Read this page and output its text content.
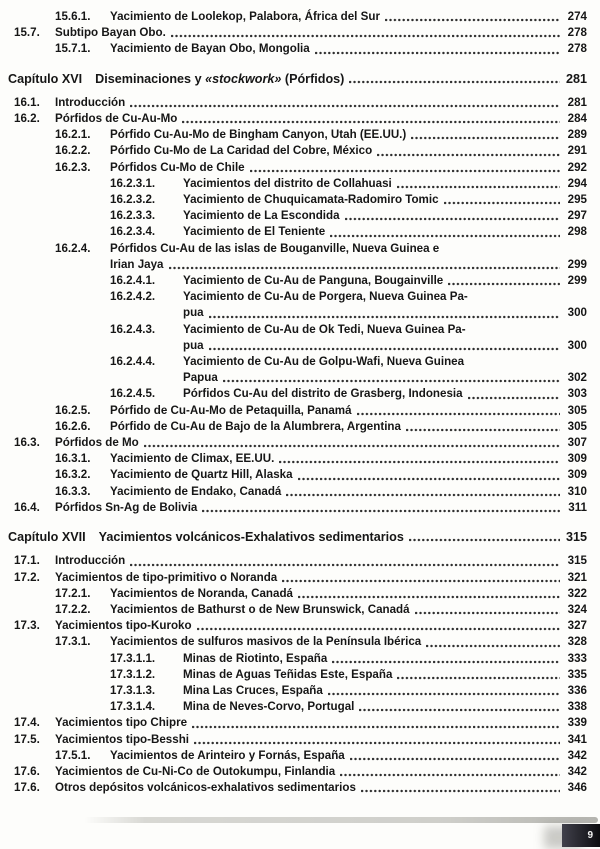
15.6.1. Yacimiento de Loolekop, Palabora, África del Sur	274
15.7. Subtipo Bayan Obo.	278
15.7.1. Yacimiento de Bayan Obo, Mongolia	278
Capítulo XVI Diseminaciones y «stockwork» (Pórfidos)	281
16.1. Introducción	281
16.2. Pórfidos de Cu-Au-Mo	284
16.2.1. Pórfido Cu-Au-Mo de Bingham Canyon, Utah (EE.UU.)	289
16.2.2. Pórfido Cu-Mo de La Caridad del Cobre, México	291
16.2.3. Pórfidos Cu-Mo de Chile	292
16.2.3.1. Yacimientos del distrito de Collahuasi	294
16.2.3.2. Yacimiento de Chuquicamata-Radomiro Tomic	295
16.2.3.3. Yacimiento de La Escondida	297
16.2.3.4. Yacimiento de El Teniente	298
16.2.4. Pórfidos Cu-Au de las islas de Bouganville, Nueva Guinea e
Irian Jaya	299
16.2.4.1. Yacimiento de Cu-Au de Panguna, Bougainville	299
16.2.4.2. Yacimiento de Cu-Au de Porgera, Nueva Guinea Pa-
pua	300
16.2.4.3. Yacimiento de Cu-Au de Ok Tedi, Nueva Guinea Pa-
pua	300
16.2.4.4. Yacimiento de Cu-Au de Golpu-Wafi, Nueva Guinea
Papua	302
16.2.4.5. Pórfidos Cu-Au del distrito de Grasberg, Indonesia	303
16.2.5. Pórfido de Cu-Au-Mo de Petaquilla, Panamá	305
16.2.6. Pórfido de Cu-Au de Bajo de la Alumbrera, Argentina	305
16.3. Pórfidos de Mo	307
16.3.1. Yacimiento de Climax, EE.UU.	309
16.3.2. Yacimiento de Quartz Hill, Alaska	309
16.3.3. Yacimiento de Endako, Canadá	310
16.4. Pórfidos Sn-Ag de Bolivia	311
Capítulo XVII Yacimientos volcánicos-Exhalativos sedimentarios	315
17.1. Introducción	315
17.2. Yacimientos de tipo-primitivo o Noranda	321
17.2.1. Yacimientos de Noranda, Canadá	322
17.2.2. Yacimientos de Bathurst o de New Brunswick, Canadá	324
17.3. Yacimientos tipo-Kuroko	327
17.3.1. Yacimientos de sulfuros masivos de la Península Ibérica	328
17.3.1.1. Minas de Riotinto, España	333
17.3.1.2. Minas de Aguas Teñidas Este, España	335
17.3.1.3. Mina Las Cruces, España	336
17.3.1.4. Mina de Neves-Corvo, Portugal	338
17.4. Yacimientos tipo Chipre	339
17.5. Yacimientos tipo-Besshi	341
17.5.1. Yacimientos de Arinteiro y Fornás, España	342
17.6. Yacimientos de Cu-Ni-Co de Outokumpu, Finlandia	342
17.6. Otros depósitos volcánicos-exhalativos sedimentarios	346
9
